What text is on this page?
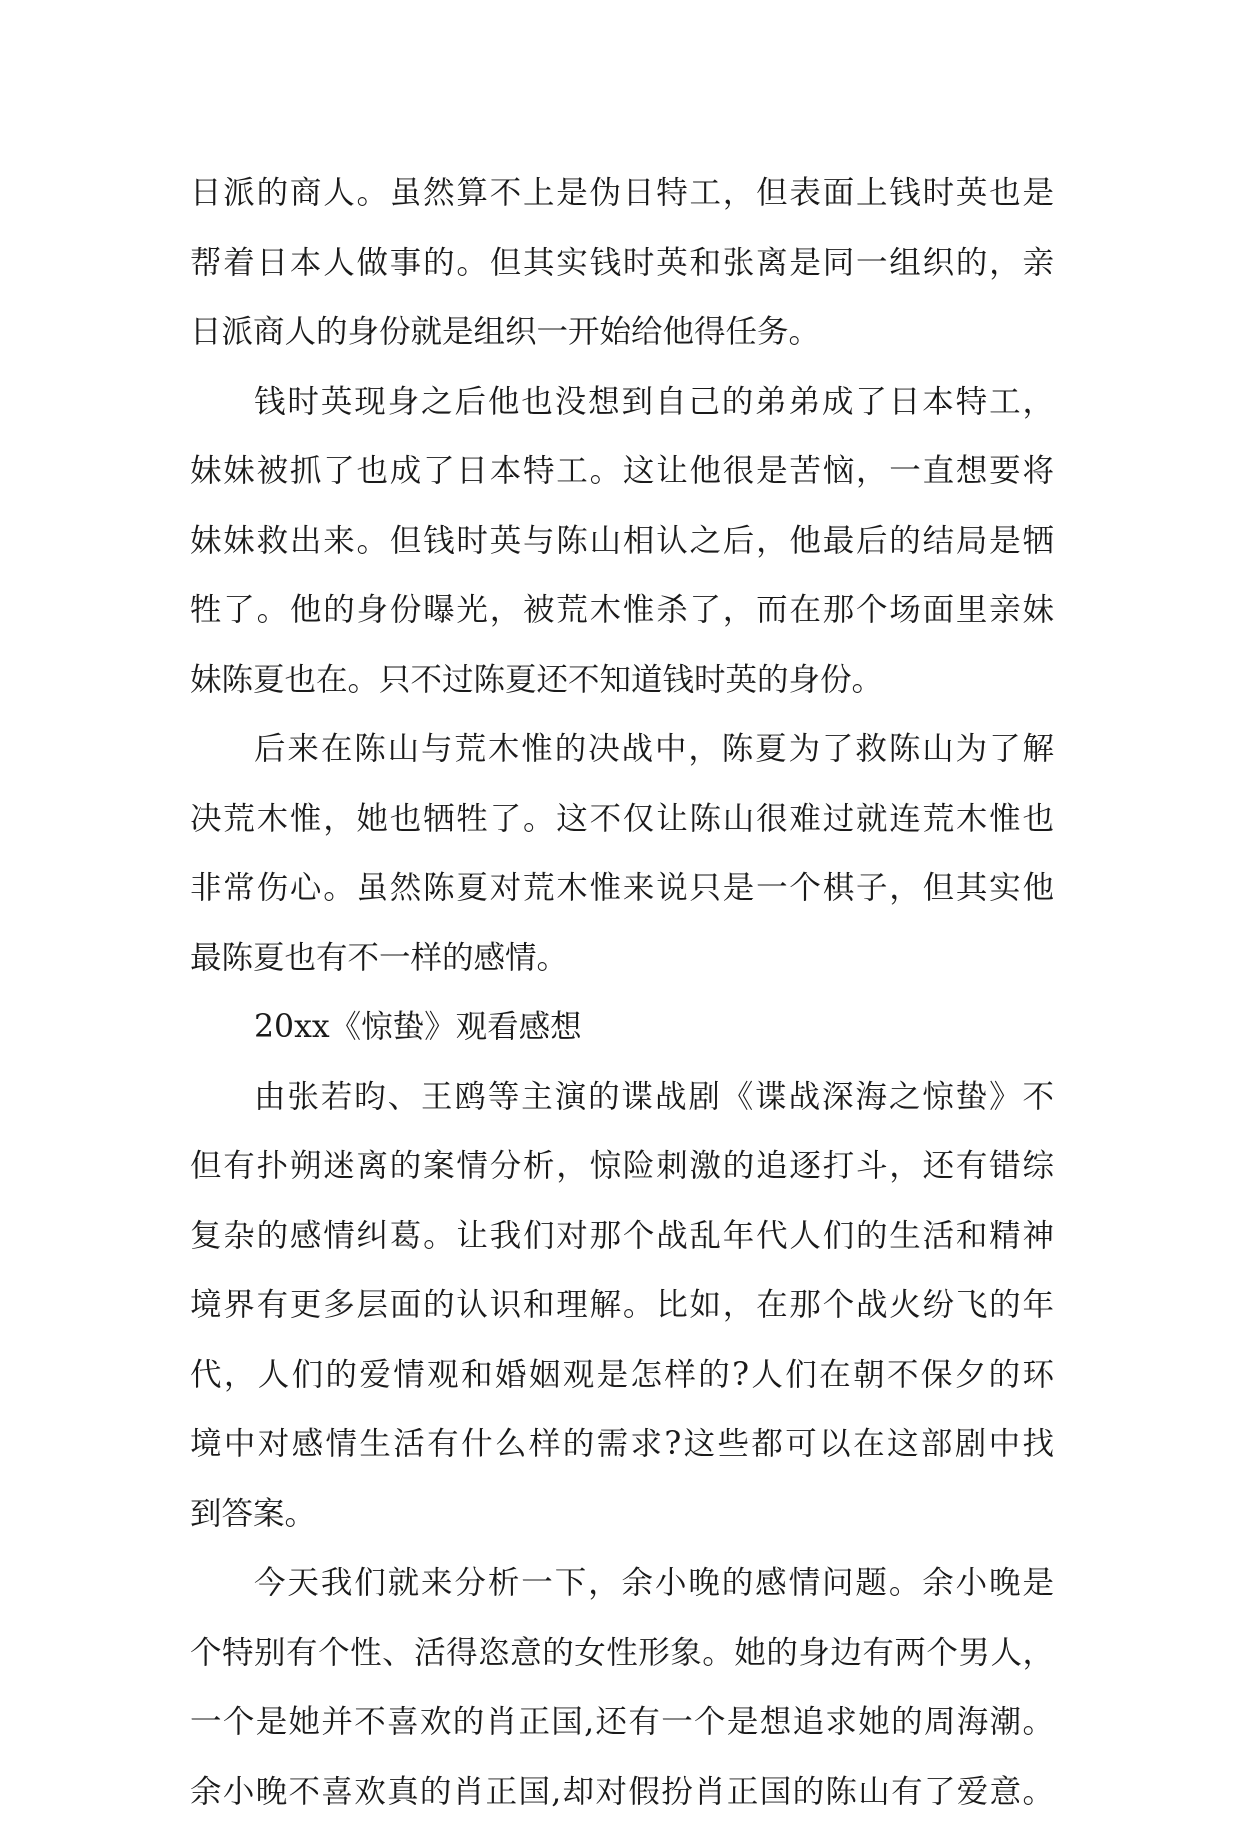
日派的商人。虽然算不上是伪日特工，但表面上钱时英也是
帮着日本人做事的。但其实钱时英和张离是同一组织的，亲
日派商人的身份就是组织一开始给他得任务。
钱时英现身之后他也没想到自己的弟弟成了日本特工，
妹妹被抓了也成了日本特工。这让他很是苦恼，一直想要将
妹妹救出来。但钱时英与陈山相认之后，他最后的结局是牺
牲了。他的身份曝光，被荒木惟杀了，而在那个场面里亲妹
妹陈夏也在。只不过陈夏还不知道钱时英的身份。
后来在陈山与荒木惟的决战中，陈夏为了救陈山为了解
决荒木惟，她也牺牲了。这不仅让陈山很难过就连荒木惟也
非常伤心。虽然陈夏对荒木惟来说只是一个棋子，但其实他
最陈夏也有不一样的感情。
20xx《惊蛰》观看感想
由张若昀、王鸥等主演的谍战剧《谍战深海之惊蛰》不
但有扑朔迷离的案情分析，惊险刺激的追逐打斗，还有错综
复杂的感情纠葛。让我们对那个战乱年代人们的生活和精神
境界有更多层面的认识和理解。比如，在那个战火纷飞的年
代，人们的爱情观和婚姻观是怎样的?人们在朝不保夕的环
境中对感情生活有什么样的需求?这些都可以在这部剧中找
到答案。
今天我们就来分析一下，余小晚的感情问题。余小晚是
个特别有个性、活得恣意的女性形象。她的身边有两个男人，
一个是她并不喜欢的肖正国,还有一个是想追求她的周海潮。
余小晚不喜欢真的肖正国,却对假扮肖正国的陈山有了爱意。
